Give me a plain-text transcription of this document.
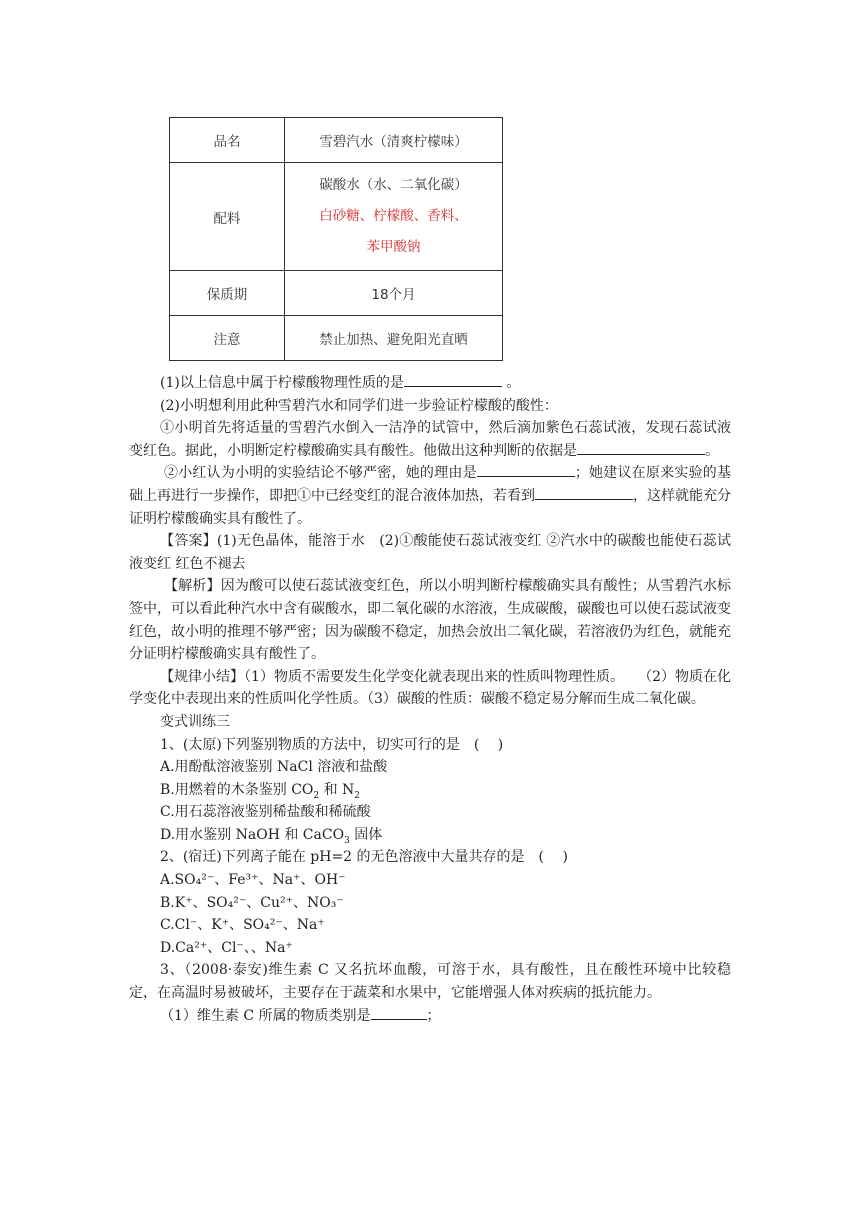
品名	雪碧汽水（清爽柠檬味）
配料	碳酸水（水、二氧化碳）
白砂糖、柠檬酸、香料、
苯甲酸钠

保质期	18个月
注意	禁止加热、避免阳光直晒

(1)以上信息中属于柠檬酸物理性质的是	。

(2)小明想利用此种雪碧汽水和同学们进一步验证柠檬酸的酸性：

①小明首先将适量的雪碧汽水倒入一洁净的试管中，然后滴加紫色石蕊试液，发现石蕊试液变红色。据此，小明断定柠檬酸确实具有酸性。他做出这种判断的依据是	。

②小红认为小明的实验结论不够严密，她的理由是	；她建议在原来实验的基础上再进行一步操作，即把①中已经变红的混合液体加热，若看到	，这样就能充分证明柠檬酸确实具有酸性了。

【答案】(1)无色晶体，能溶于水　(2)①酸能使石蕊试液变红 ②汽水中的碳酸也能使石蕊试液变红 红色不褪去

【解析】因为酸可以使石蕊试液变红色，所以小明判断柠檬酸确实具有酸性；从雪碧汽水标签中，可以看此种汽水中含有碳酸水，即二氧化碳的水溶液，生成碳酸，碳酸也可以使石蕊试液变红色，故小明的推理不够严密；因为碳酸不稳定，加热会放出二氧化碳，若溶液仍为红色，就能充分证明柠檬酸确实具有酸性了。

【规律小结】（1）物质不需要发生化学变化就表现出来的性质叫物理性质。　　（2）物质在化学变化中表现出来的性质叫化学性质。（3）碳酸的性质：碳酸不稳定易分解而生成二氧化碳。

变式训练三

1、(太原)下列鉴别物质的方法中，切实可行的是　(　 )

A.用酚酞溶液鉴别 NaCl 溶液和盐酸

B.用燃着的木条鉴别 $CO_2$ 和 $N_2$

C.用石蕊溶液鉴别稀盐酸和稀硫酸

D.用水鉴别 NaOH 和 CaCO$_3$ 固体

2、(宿迁)下列离子能在 pH=2 的无色溶液中大量共存的是　(　 )

A.SO₄²⁻、Fe³⁺、Na⁺、OH⁻

B.K⁺、SO₄²⁻、Cu²⁺、NO₃⁻

C.Cl⁻、K⁺、SO₄²⁻、Na⁺

D.Ca²⁺、Cl⁻、、Na⁺

3、（2008·泰安)维生素 C 又名抗坏血酸，可溶于水，具有酸性，且在酸性环境中比较稳定，在高温时易被破坏，主要存在于蔬菜和水果中，它能增强人体对疾病的抵抗能力。

（1）维生素 C 所属的物质类别是	；
